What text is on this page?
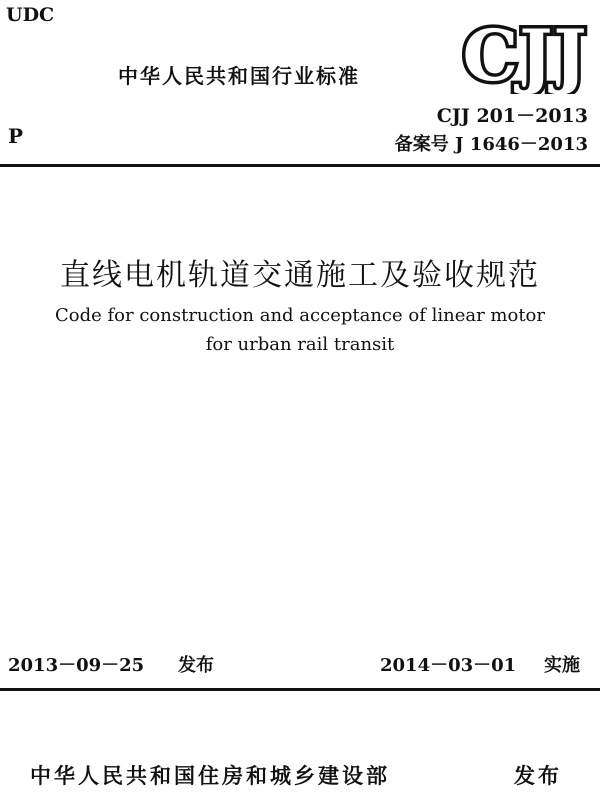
UDC
中华人民共和国行业标准 CJJ
P
CJJ 201－2013
备案号 J 1646－2013
直线电机轨道交通施工及验收规范
Code for construction and acceptance of linear motor
for urban rail transit
2013－09－25 发布	2014－03－01 实施
中华人民共和国住房和城乡建设部	发布
